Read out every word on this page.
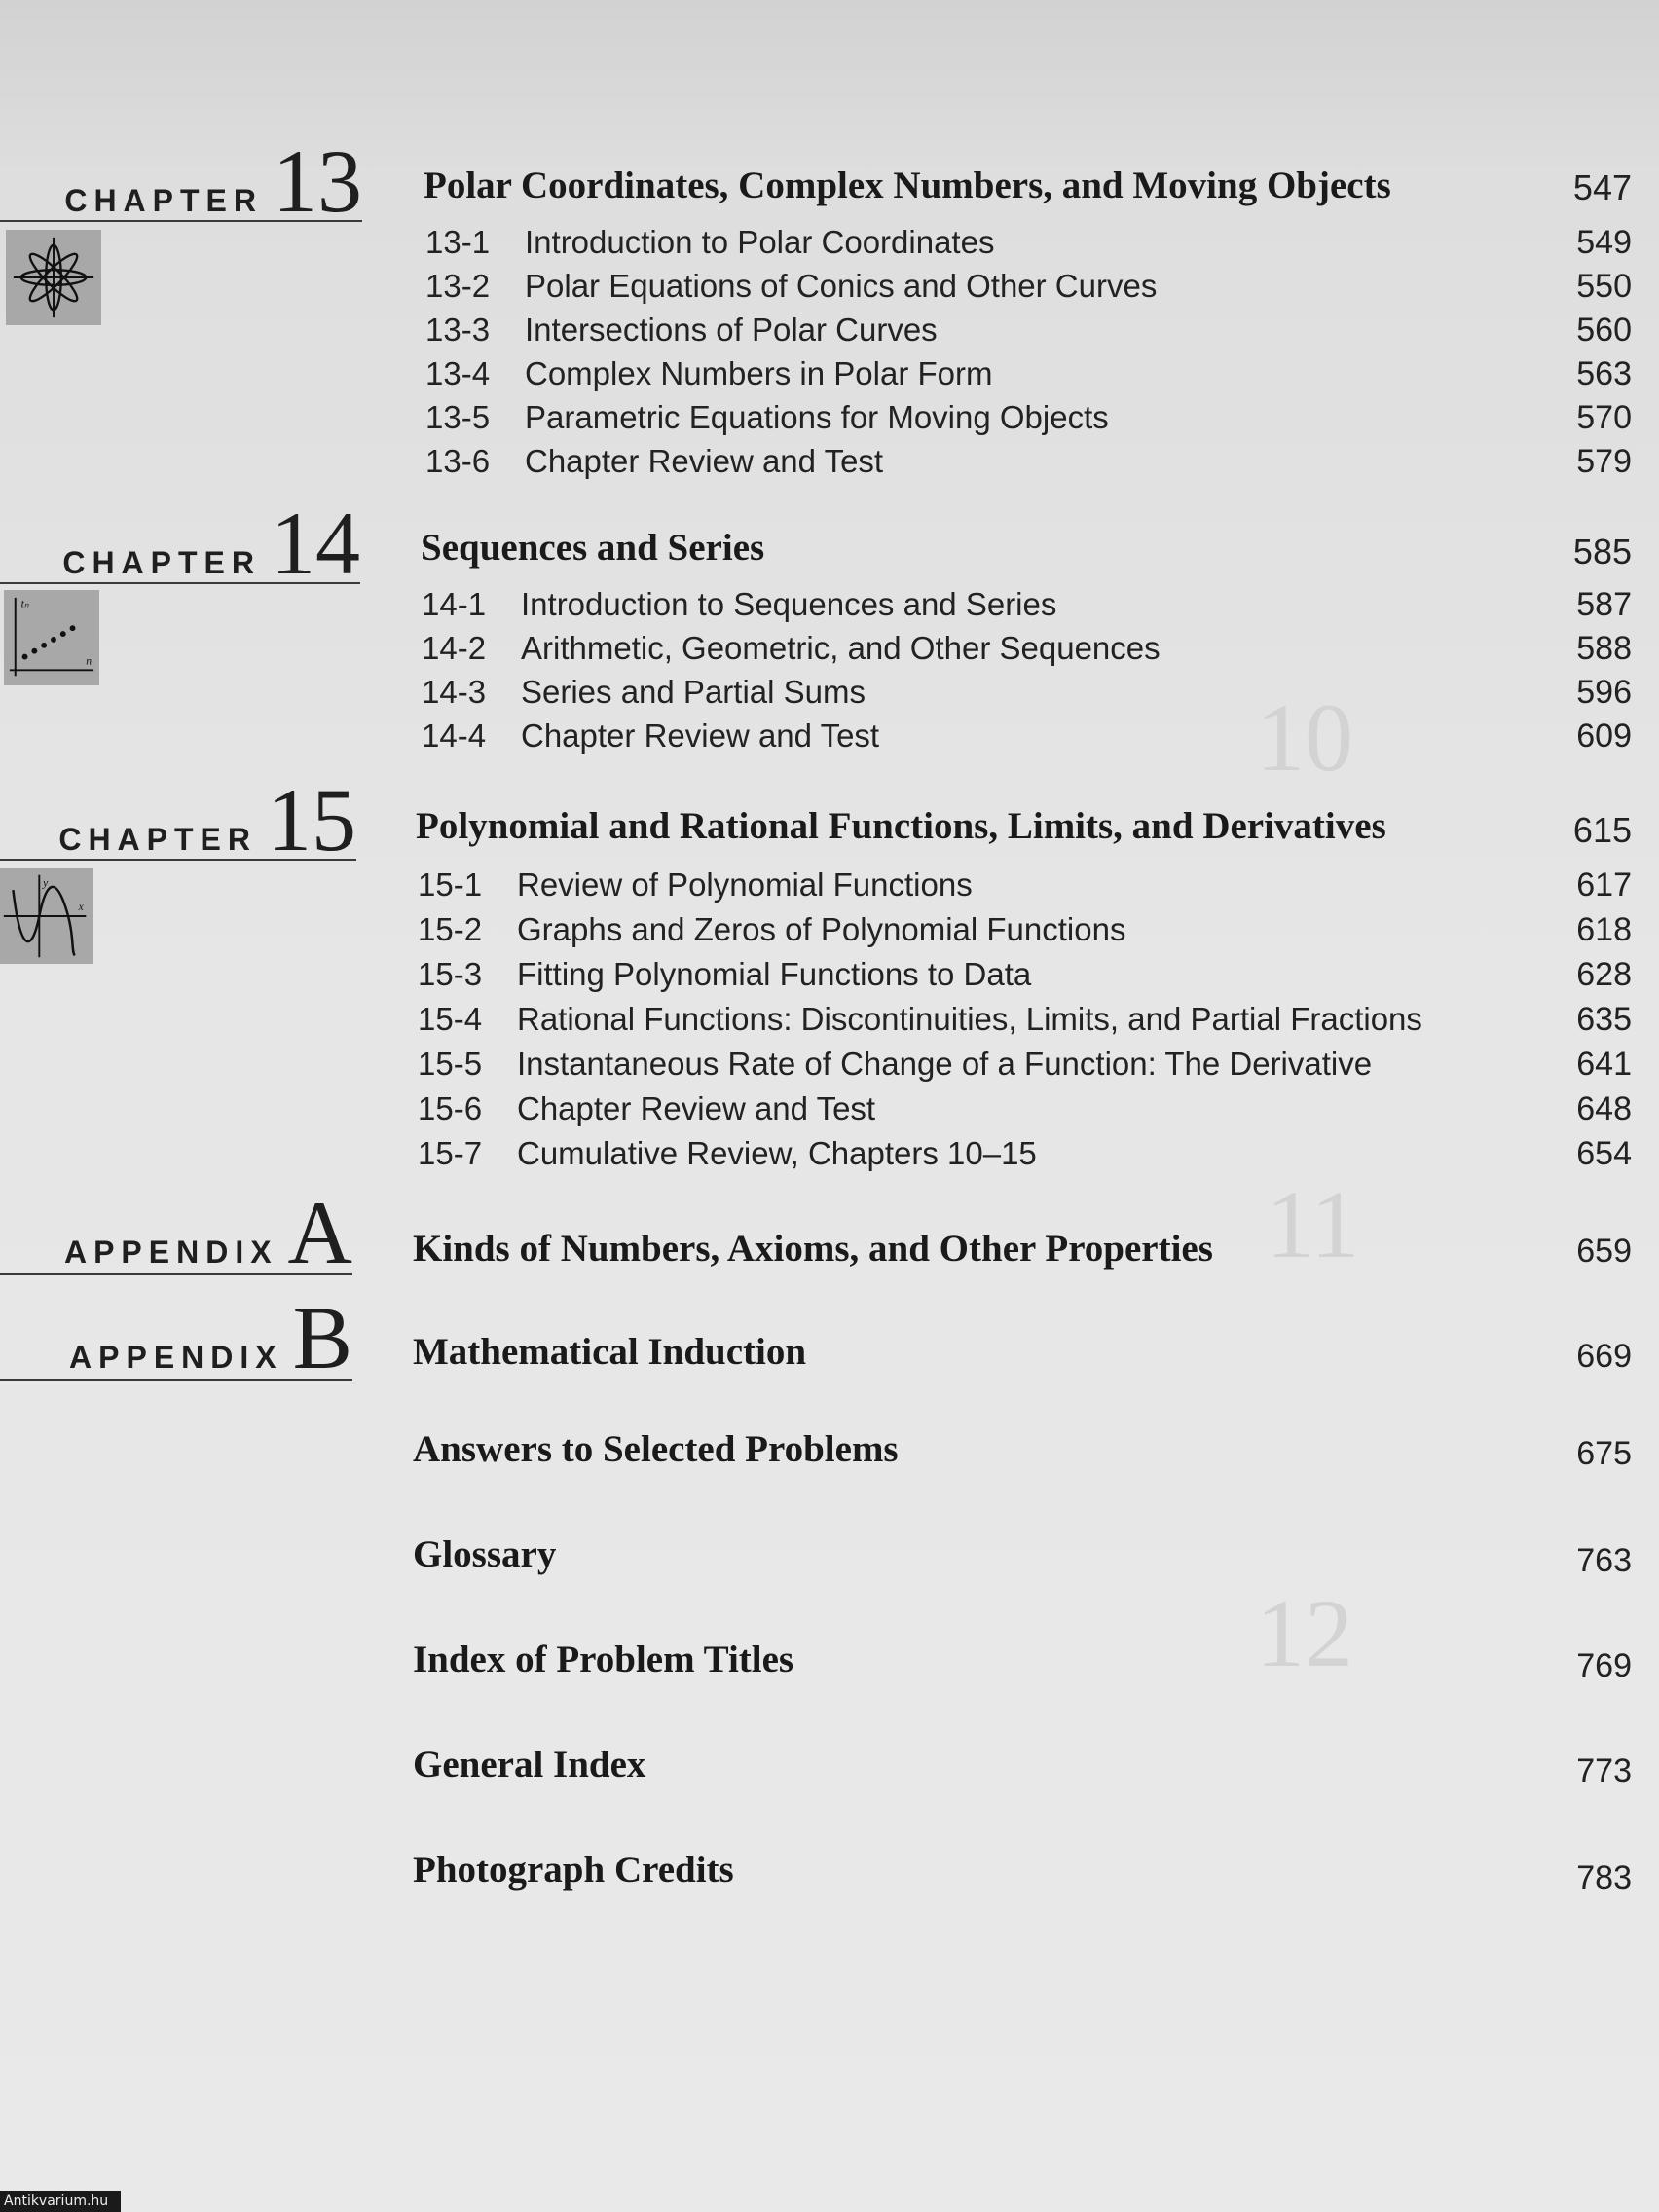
10
11
12
CHAPTER 13 Polar Coordinates, Complex Numbers, and Moving Objects	547
13-1 Introduction to Polar Coordinates	549
13-2 Polar Equations of Conics and Other Curves	550
13-3 Intersections of Polar Curves	560
13-4 Complex Numbers in Polar Form	563
13-5 Parametric Equations for Moving Objects	570
13-6 Chapter Review and Test	579
CHAPTER 14
tₙ
n
Sequences and Series	585
14-1 Introduction to Sequences and Series	587
14-2 Arithmetic, Geometric, and Other Sequences	588
14-3 Series and Partial Sums	596
14-4 Chapter Review and Test	609
CHAPTER 15
y
x
Polynomial and Rational Functions, Limits, and Derivatives	615
15-1 Review of Polynomial Functions	617
15-2 Graphs and Zeros of Polynomial Functions	618
15-3 Fitting Polynomial Functions to Data	628
15-4 Rational Functions: Discontinuities, Limits, and Partial Fractions	635
15-5 Instantaneous Rate of Change of a Function: The Derivative	641
15-6 Chapter Review and Test	648
15-7 Cumulative Review, Chapters 10–15	654
APPENDIX A Kinds of Numbers, Axioms, and Other Properties	659
APPENDIX B Mathematical Induction	669
Answers to Selected Problems	675
Glossary	763
Index of Problem Titles	769
General Index	773
Photograph Credits	783
Antikvarium.hu
